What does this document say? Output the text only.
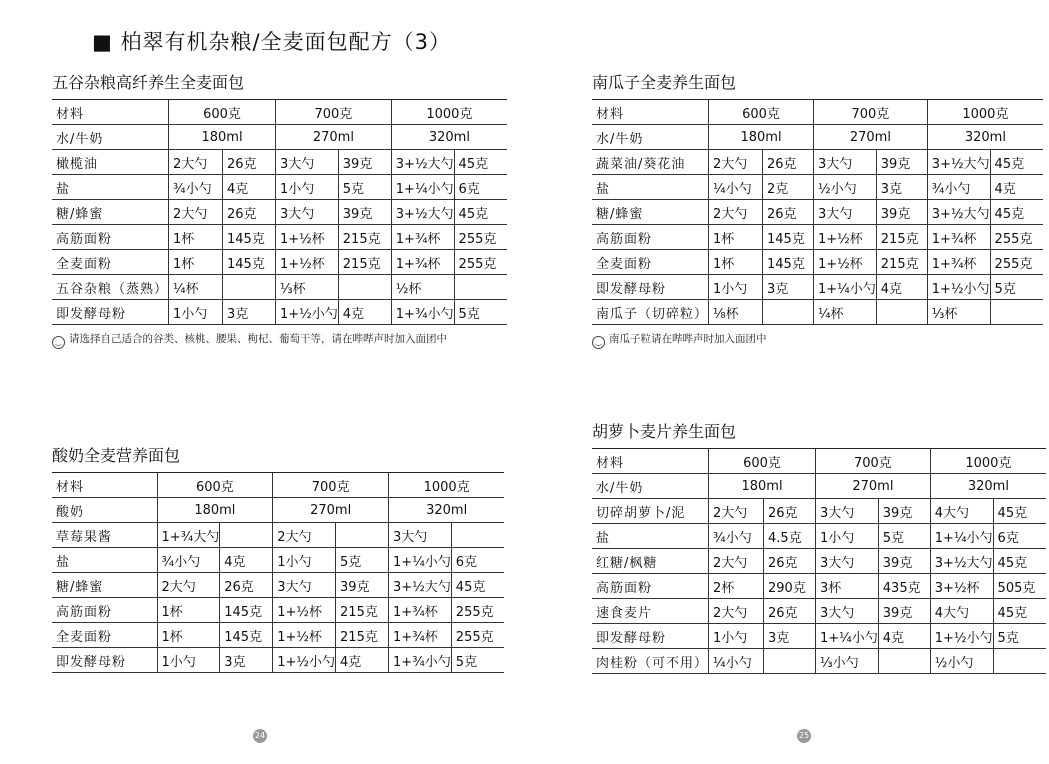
■ 柏翠有机杂粮/全麦面包配方（3）
五谷杂粮高纤养生全麦面包
材料	600克		700克		1000克	
水/牛奶	180ml		270ml		320ml	
橄榄油	2大勺	26克	3大勺	39克	3+½大勺	45克
盐	¾小勺	4克	1小勺	5克	1+¼小勺	6克
糖/蜂蜜	2大勺	26克	3大勺	39克	3+½大勺	45克
高筋面粉	1杯	145克	1+½杯	215克	1+¾杯	255克
全麦面粉	1杯	145克	1+½杯	215克	1+¾杯	255克
五谷杂粮（蒸熟）	¼杯		⅓杯		½杯	
即发酵母粉	1小勺	3克	1+½小勺	4克	1+¾小勺	5克
‿ 请选择自己适合的谷类、核桃、腰果、枸杞、葡萄干等，请在哔哔声时加入面团中
南瓜子全麦养生面包
材料	600克		700克		1000克	
水/牛奶	180ml		270ml		320ml	
蔬菜油/葵花油	2大勺	26克	3大勺	39克	3+½大勺	45克
盐	¼小勺	2克	½小勺	3克	¾小勺	4克
糖/蜂蜜	2大勺	26克	3大勺	39克	3+½大勺	45克
高筋面粉	1杯	145克	1+½杯	215克	1+¾杯	255克
全麦面粉	1杯	145克	1+½杯	215克	1+¾杯	255克
即发酵母粉	1小勺	3克	1+¼小勺	4克	1+½小勺	5克
南瓜子（切碎粒）	⅛杯		¼杯		⅓杯	
‿ 南瓜子粒请在哔哔声时加入面团中
酸奶全麦营养面包
材料	600克		700克		1000克	
酸奶	180ml		270ml		320ml	
草莓果酱	1+¾大勺		2大勺		3大勺	
盐	¾小勺	4克	1小勺	5克	1+¼小勺	6克
糖/蜂蜜	2大勺	26克	3大勺	39克	3+½大勺	45克
高筋面粉	1杯	145克	1+½杯	215克	1+¾杯	255克
全麦面粉	1杯	145克	1+½杯	215克	1+¾杯	255克
即发酵母粉	1小勺	3克	1+½小勺	4克	1+¾小勺	5克
胡萝卜麦片养生面包
材料	600克		700克		1000克	
水/牛奶	180ml		270ml		320ml	
切碎胡萝卜/泥	2大勺	26克	3大勺	39克	4大勺	45克
盐	¾小勺	4.5克	1小勺	5克	1+¼小勺	6克
红糖/枫糖	2大勺	26克	3大勺	39克	3+½大勺	45克
高筋面粉	2杯	290克	3杯	435克	3+½杯	505克
速食麦片	2大勺	26克	3大勺	39克	4大勺	45克
即发酵母粉	1小勺	3克	1+¼小勺	4克	1+½小勺	5克
肉桂粉（可不用）	¼小勺		⅓小勺		½小勺	
24	25
